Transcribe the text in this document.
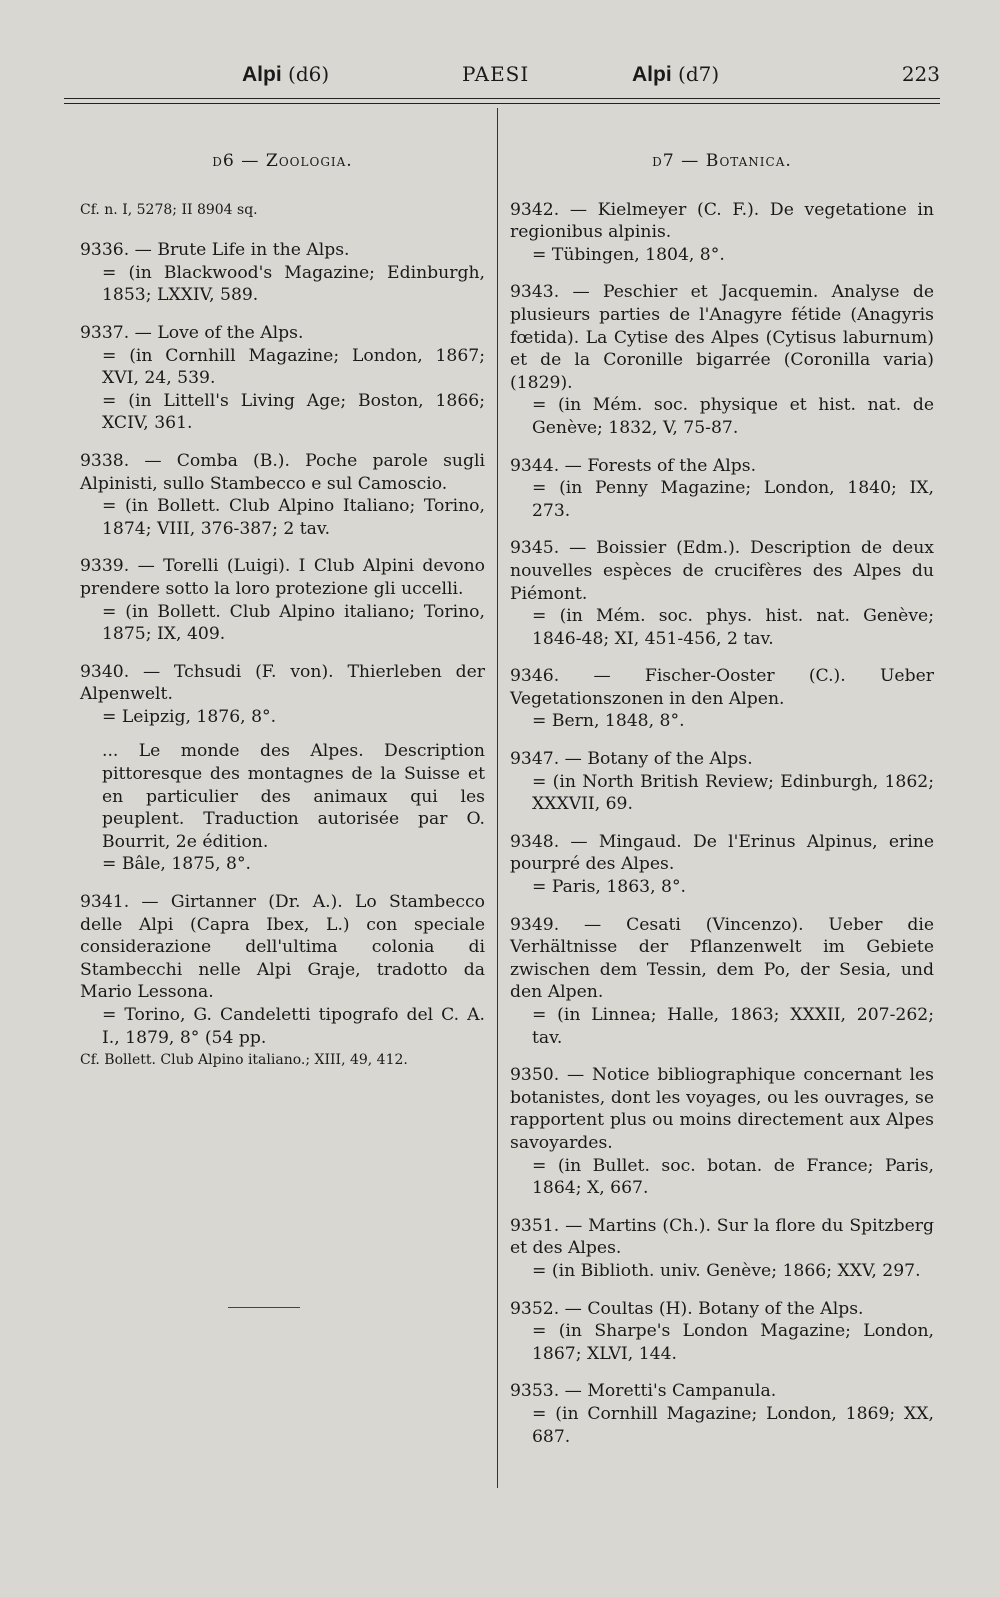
Alpi (d6)	PAESI	Alpi (d7)	223
d6 — Zoologia.
Cf. n. I, 5278; II 8904 sq.

9336. — Brute Life in the Alps.

= (in Blackwood's Magazine; Edinburgh, 1853; LXXIV, 589.

9337. — Love of the Alps.

= (in Cornhill Magazine; London, 1867; XVI, 24, 539.

= (in Littell's Living Age; Boston, 1866; XCIV, 361.

9338. — Comba (B.). Poche parole sugli Alpinisti, sullo Stambecco e sul Camoscio.

= (in Bollett. Club Alpino Italiano; Torino, 1874; VIII, 376-387; 2 tav.

9339. — Torelli (Luigi). I Club Alpini devono prendere sotto la loro protezione gli uccelli.

= (in Bollett. Club Alpino italiano; Torino, 1875; IX, 409.

9340. — Tchsudi (F. von). Thierleben der Alpenwelt.

= Leipzig, 1876, 8°.

... Le monde des Alpes. Description pittoresque des montagnes de la Suisse et en particulier des animaux qui les peuplent. Traduction autorisée par O. Bourrit, 2e édition.

= Bâle, 1875, 8°.

9341. — Girtanner (Dr. A.). Lo Stambecco delle Alpi (Capra Ibex, L.) con speciale considerazione dell'ultima colonia di Stambecchi nelle Alpi Graje, tradotto da Mario Lessona.

= Torino, G. Candeletti tipografo del C. A. I., 1879, 8° (54 pp.

Cf. Bollett. Club Alpino italiano.; XIII, 49, 412.

d7 — Botanica.

9342. — Kielmeyer (C. F.). De vegetatione in regionibus alpinis.

= Tübingen, 1804, 8°.

9343. — Peschier et Jacquemin. Analyse de plusieurs parties de l'Anagyre fétide (Anagyris fœtida). La Cytise des Alpes (Cytisus laburnum) et de la Coronille bigarrée (Coronilla varia) (1829).

= (in Mém. soc. physique et hist. nat. de Genève; 1832, V, 75-87.

9344. — Forests of the Alps.

= (in Penny Magazine; London, 1840; IX, 273.

9345. — Boissier (Edm.). Description de deux nouvelles espèces de crucifères des Alpes du Piémont.

= (in Mém. soc. phys. hist. nat. Genève; 1846-48; XI, 451-456, 2 tav.

9346. — Fischer-Ooster (C.). Ueber Vegetationszonen in den Alpen.

= Bern, 1848, 8°.

9347. — Botany of the Alps.

= (in North British Review; Edinburgh, 1862; XXXVII, 69.

9348. — Mingaud. De l'Erinus Alpinus, erine pourpré des Alpes.

= Paris, 1863, 8°.

9349. — Cesati (Vincenzo). Ueber die Verhältnisse der Pflanzenwelt im Gebiete zwischen dem Tessin, dem Po, der Sesia, und den Alpen.

= (in Linnea; Halle, 1863; XXXII, 207-262; tav.

9350. — Notice bibliographique concernant les botanistes, dont les voyages, ou les ouvrages, se rapportent plus ou moins directement aux Alpes savoyardes.

= (in Bullet. soc. botan. de France; Paris, 1864; X, 667.

9351. — Martins (Ch.). Sur la flore du Spitzberg et des Alpes.

= (in Biblioth. univ. Genève; 1866; XXV, 297.

9352. — Coultas (H). Botany of the Alps.

= (in Sharpe's London Magazine; London, 1867; XLVI, 144.

9353. — Moretti's Campanula.

= (in Cornhill Magazine; London, 1869; XX, 687.
